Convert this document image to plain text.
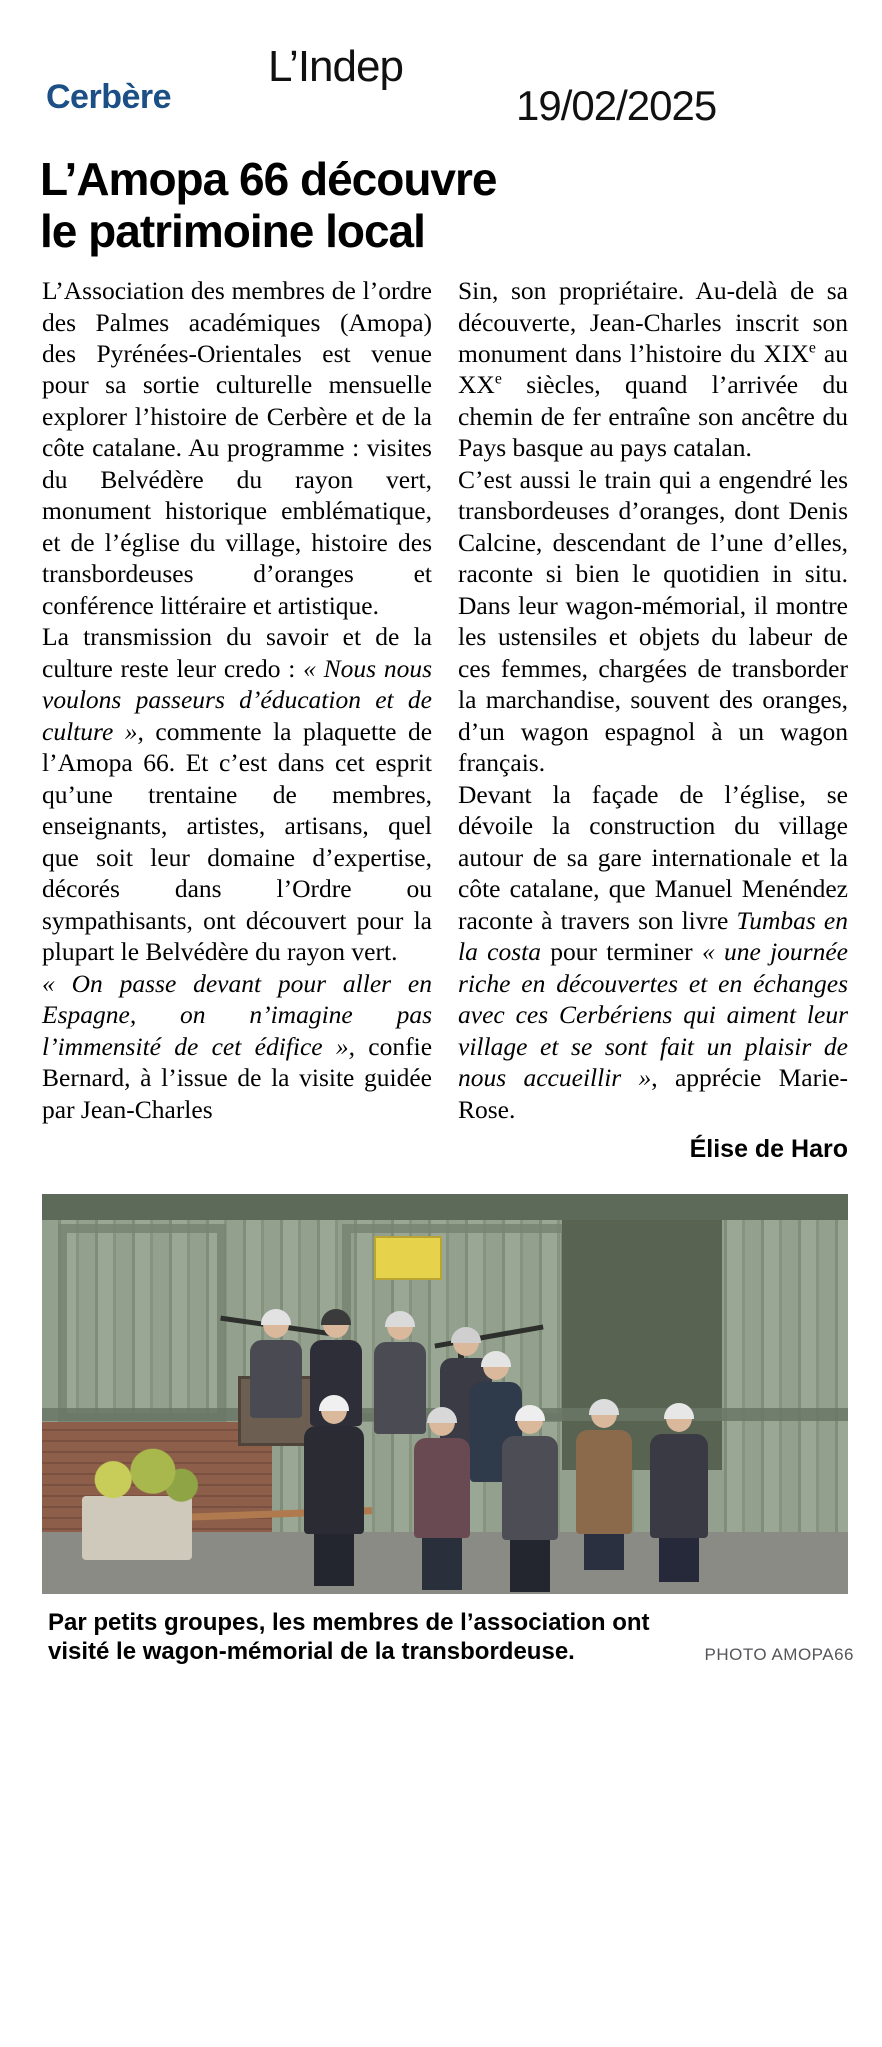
Cerbère
L’Indep
19/02/2025
L’Amopa 66 découvre
le patrimoine local

L’Association des membres de l’ordre des Palmes académiques (Amopa) des Pyrénées-Orientales est venue pour sa sortie culturelle mensuelle explorer l’histoire de Cerbère et de la côte catalane. Au programme : visites du Belvédère du rayon vert, monument historique emblématique, et de l’église du village, histoire des transbordeuses d’oranges et conférence littéraire et artistique.

La transmission du savoir et de la culture reste leur credo : « Nous nous voulons passeurs d’éducation et de culture », commente la plaquette de l’Amopa 66. Et c’est dans cet esprit qu’une trentaine de membres, enseignants, artistes, artisans, quel que soit leur domaine d’expertise, décorés dans l’Ordre ou sympathisants, ont découvert pour la plupart le Belvédère du rayon vert.

« On passe devant pour aller en Espagne, on n’imagine pas l’immensité de cet édifice », confie Bernard, à l’issue de la visite guidée par Jean-Charles

Sin, son propriétaire. Au-delà de sa découverte, Jean-Charles inscrit son monument dans l’histoire du XIXe au XXe siècles, quand l’arrivée du chemin de fer entraîne son ancêtre du Pays basque au pays catalan.

C’est aussi le train qui a engendré les transbordeuses d’oranges, dont Denis Calcine, descendant de l’une d’elles, raconte si bien le quotidien in situ. Dans leur wagon-mémorial, il montre les ustensiles et objets du labeur de ces femmes, chargées de transborder la marchandise, souvent des oranges, d’un wagon espagnol à un wagon français.

Devant la façade de l’église, se dévoile la construction du village autour de sa gare internationale et la côte catalane, que Manuel Menéndez raconte à travers son livre Tumbas en la costa pour terminer « une journée riche en découvertes et en échanges avec ces Cerbériens qui aiment leur village et se sont fait un plaisir de nous accueillir », apprécie Marie-Rose.

Élise de Haro
Par petits groupes, les membres de l’association ont visité le wagon-mémorial de la transbordeuse.	PHOTO AMOPA66
